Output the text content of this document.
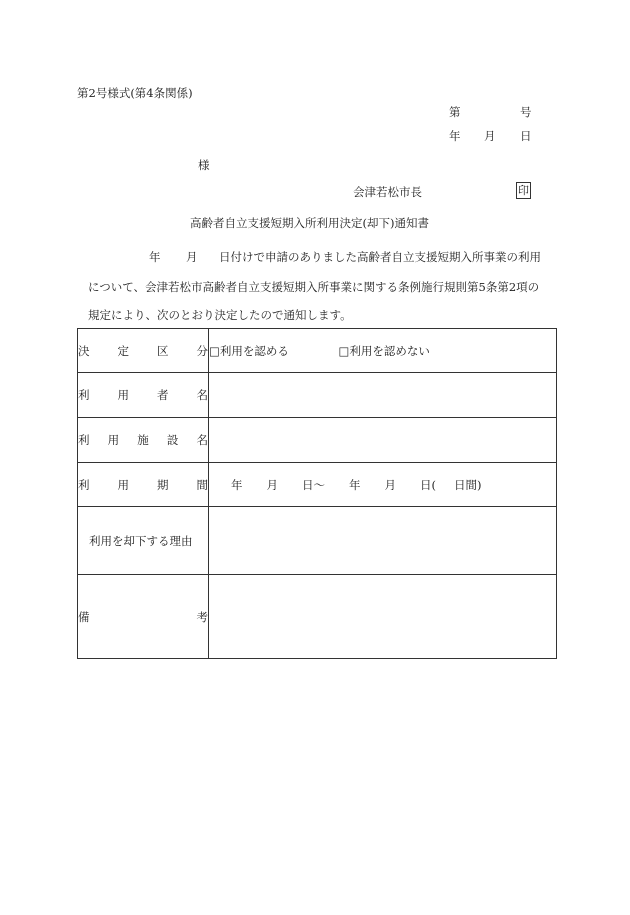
第2号様式(第4条関係)
第	号
年 月 日
様
会津若松市長	印
高齢者自立支援短期入所利用決定(却下)通知書
年 月 日付けで申請のありました高齢者自立支援短期入所事業の利用
について、会津若松市高齢者自立支援短期入所事業に関する条例施行規則第5条第2項の
規定により、次のとおり決定したので通知します。
決 定 区 分	□利用を認める □利用を認めない

利 用 者 名	

利 用 施 設 名	

利 用 期 間	年 月 日〜 年 月 日( 日間)
利用を却下する理由	

備 考	
